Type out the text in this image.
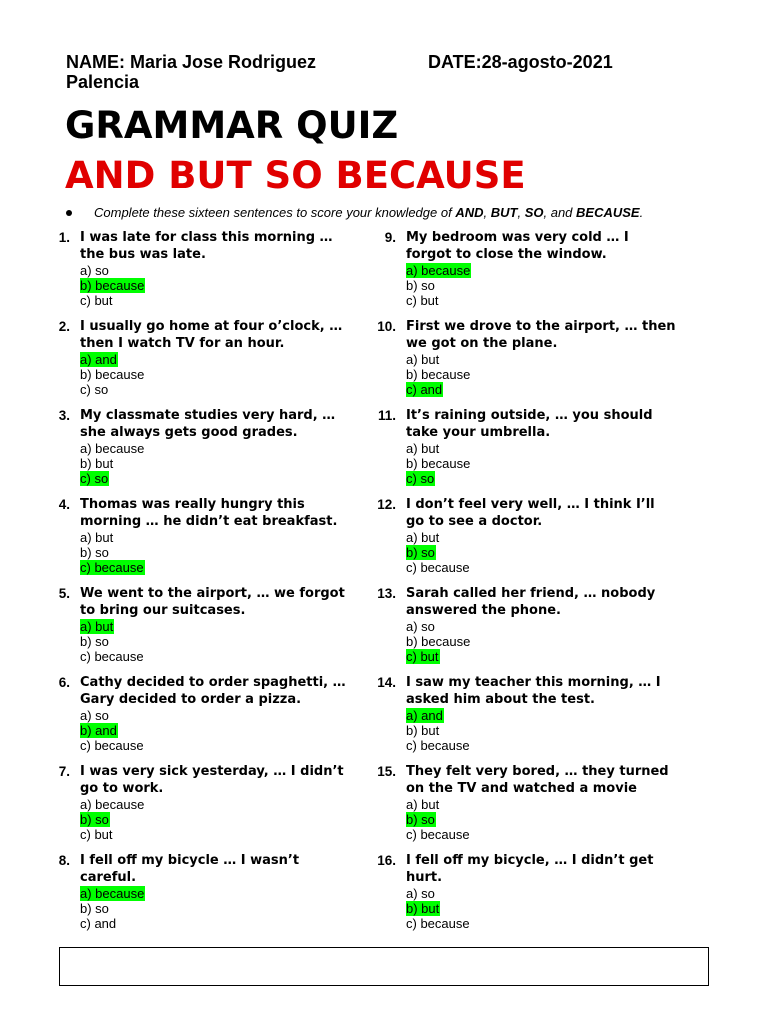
NAME: Maria Jose Rodriguez Palencia
DATE:28-agosto-2021
GRAMMAR QUIZ
AND BUT SO BECAUSE
Complete these sixteen sentences to score your knowledge of AND, BUT, SO, and BECAUSE.
1. I was late for class this morning … the bus was late.
a) so
b) because
c) but
2. I usually go home at four o’clock, … then I watch TV for an hour.
a) and
b) because
c) so
3. My classmate studies very hard, … she always gets good grades.
a) because
b) but
c) so
4. Thomas was really hungry this morning … he didn’t eat breakfast.
a) but
b) so
c) because
5. We went to the airport, … we forgot to bring our suitcases.
a) but
b) so
c) because
6. Cathy decided to order spaghetti, … Gary decided to order a pizza.
a) so
b) and
c) because
7. I was very sick yesterday, … I didn’t go to work.
a) because
b) so
c) but
8. I fell off my bicycle … I wasn’t careful.
a) because
b) so
c) and
9. My bedroom was very cold … I forgot to close the window.
a) because
b) so
c) but
10. First we drove to the airport, … then we got on the plane.
a) but
b) because
c) and
11. It’s raining outside, … you should take your umbrella.
a) but
b) because
c) so
12. I don’t feel very well, … I think I’ll go to see a doctor.
a) but
b) so
c) because
13. Sarah called her friend, … nobody answered the phone.
a) so
b) because
c) but
14. I saw my teacher this morning, … I asked him about the test.
a) and
b) but
c) because
15. They felt very bored, … they turned on the TV and watched a movie
a) but
b) so
c) because
16. I fell off my bicycle, … I didn’t get hurt.
a) so
b) but
c) because
